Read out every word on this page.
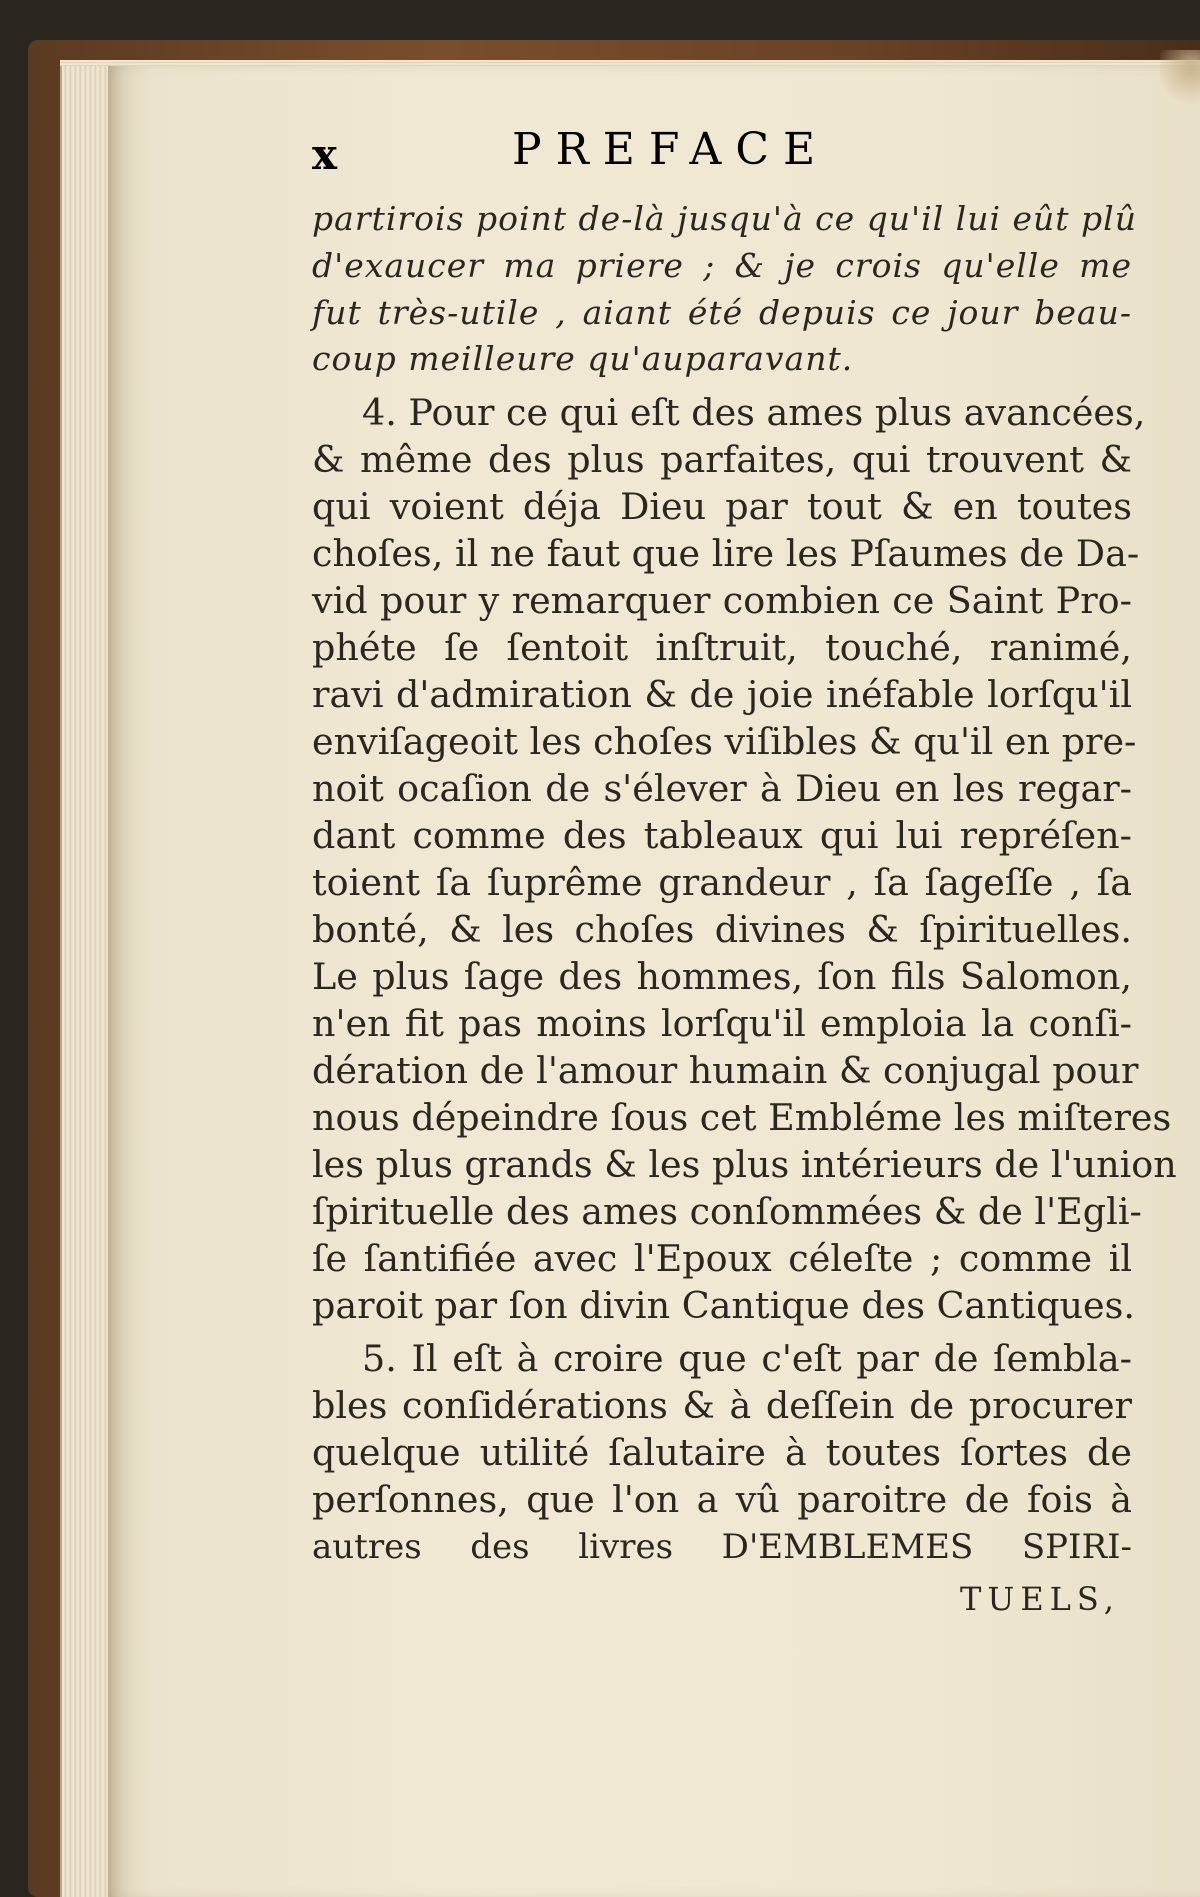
x	PREFACE
partirois point de-là jusqu'à ce qu'il lui eût plû
d'exaucer ma priere ; & je crois qu'elle me
fut très-utile , aiant été depuis ce jour beau-
coup meilleure qu'auparavant.
4. Pour ce qui eſt des ames plus avancées,
& même des plus parfaites, qui trouvent &
qui voient déja Dieu par tout & en toutes
choſes, il ne faut que lire les Pſaumes de Da-
vid pour y remarquer combien ce Saint Pro-
phéte ſe ſentoit inſtruit, touché, ranimé,
ravi d'admiration & de joie inéfable lorſqu'il
enviſageoit les choſes viſibles & qu'il en pre-
noit ocaſion de s'élever à Dieu en les regar-
dant comme des tableaux qui lui repréſen-
toient ſa ſuprême grandeur , ſa ſageſſe , ſa
bonté, & les choſes divines & ſpirituelles.
Le plus ſage des hommes, ſon fils Salomon,
n'en fit pas moins lorſqu'il emploia la conſi-
dération de l'amour humain & conjugal pour
nous dépeindre ſous cet Embléme les miſteres
les plus grands & les plus intérieurs de l'union
ſpirituelle des ames conſommées & de l'Egli-
ſe ſantifiée avec l'Epoux céleſte ; comme il
paroit par ſon divin Cantique des Cantiques.
5. Il eſt à croire que c'eſt par de ſembla-
bles conſidérations & à deſſein de procurer
quelque utilité ſalutaire à toutes ſortes de
perſonnes, que l'on a vû paroitre de fois à
autres des livres D'EMBLEMES SPIRI-
TUELS,
